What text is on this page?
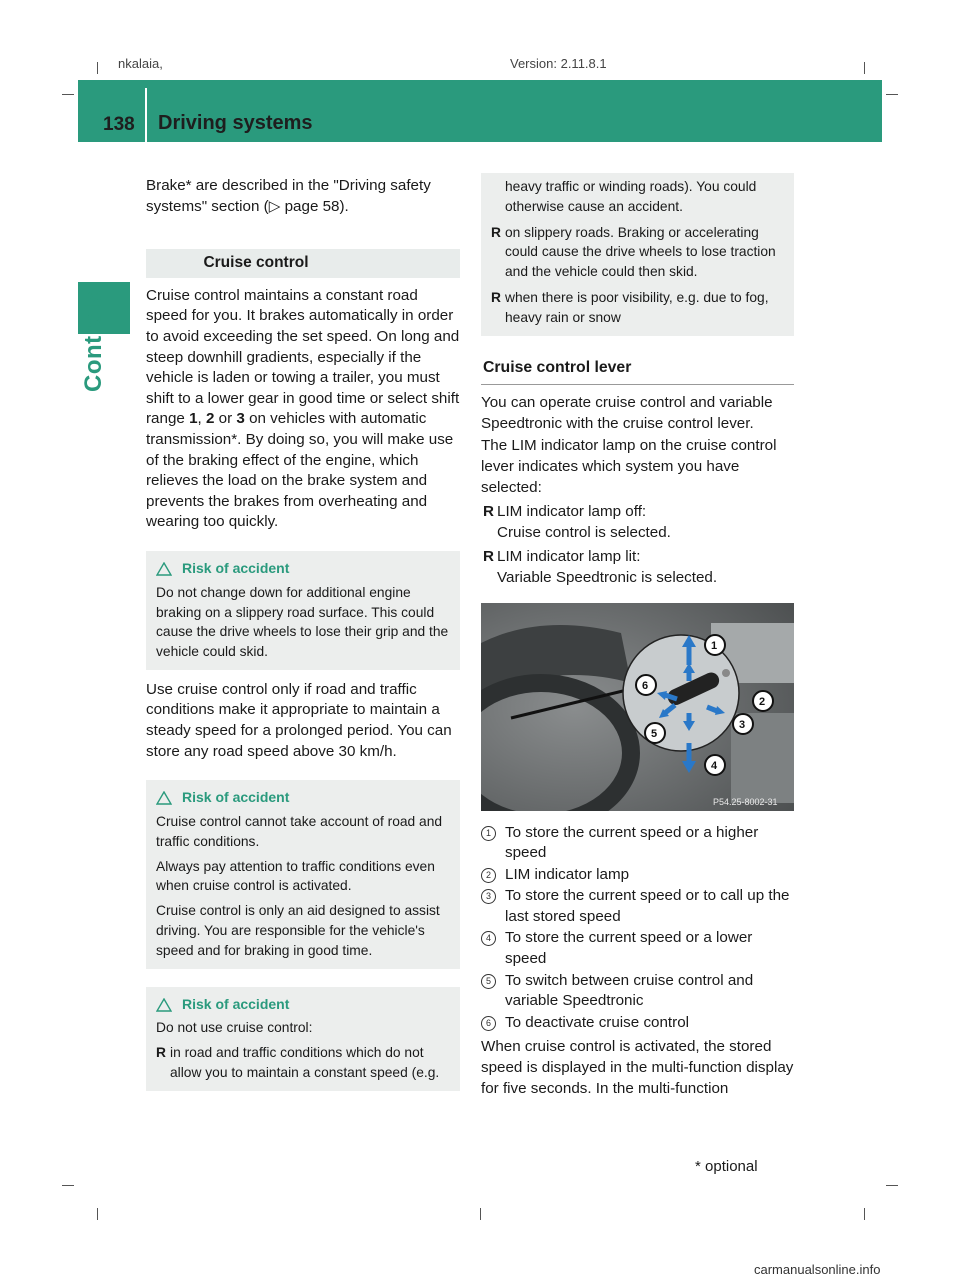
nkalaia,	Version: 2.11.8.1
138 Driving systems
Controls

Brake* are described in the "Driving safety systems" section (▷ page 58).

Cruise control

Cruise control maintains a constant road speed for you. It brakes automatically in order to avoid exceeding the set speed. On long and steep downhill gradients, especially if the vehicle is laden or towing a trailer, you must shift to a lower gear in good time or select shift range 1, 2 or 3 on vehicles with automatic transmission*. By doing so, you will make use of the braking effect of the engine, which relieves the load on the brake system and prevents the brakes from overheating and wearing too quickly.

Risk of accident

Do not change down for additional engine braking on a slippery road surface. This could cause the drive wheels to lose their grip and the vehicle could skid.

Use cruise control only if road and traffic conditions make it appropriate to maintain a steady speed for a prolonged period. You can store any road speed above 30 km/h.

Risk of accident

Cruise control cannot take account of road and traffic conditions.

Always pay attention to traffic conditions even when cruise control is activated.

Cruise control is only an aid designed to assist driving. You are responsible for the vehicle's speed and for braking in good time.

Risk of accident

Do not use cruise control:

R in road and traffic conditions which do not allow you to maintain a constant speed (e.g.
heavy traffic or winding roads). You could otherwise cause an accident.
R on slippery roads. Braking or accelerating could cause the drive wheels to lose traction and the vehicle could then skid.
R when there is poor visibility, e.g. due to fog, heavy rain or snow
Cruise control lever

You can operate cruise control and variable Speedtronic with the cruise control lever.

The LIM indicator lamp on the cruise control lever indicates which system you have selected:

R LIM indicator lamp off:
Cruise control is selected.
R LIM indicator lamp lit:
Variable Speedtronic is selected.
1
2
3
4
5
6
P54.25-8002-31
1 To store the current speed or a higher speed
2 LIM indicator lamp
3 To store the current speed or to call up the last stored speed
4 To store the current speed or a lower speed
5 To switch between cruise control and variable Speedtronic
6 To deactivate cruise control

When cruise control is activated, the stored speed is displayed in the multi-function display for five seconds. In the multi-function

* optional
carmanualsonline.info
